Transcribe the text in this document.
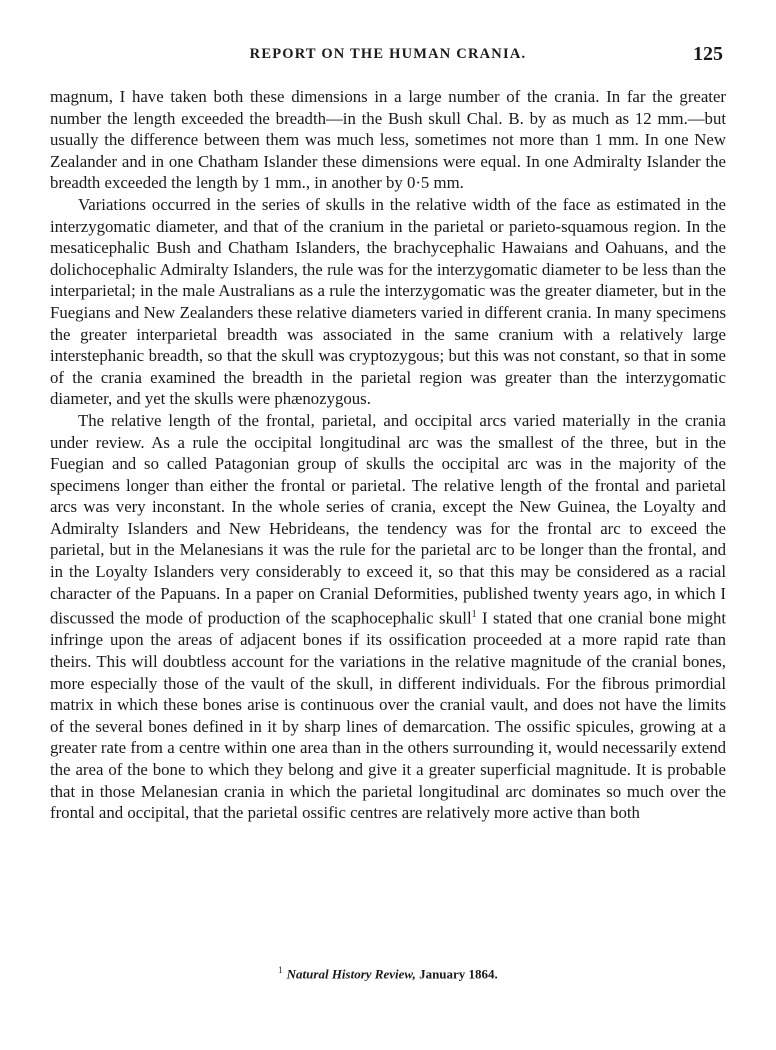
REPORT ON THE HUMAN CRANIA.	125

magnum, I have taken both these dimensions in a large number of the crania. In far the greater number the length exceeded the breadth—in the Bush skull Chal. B. by as much as 12 mm.—but usually the difference between them was much less, sometimes not more than 1 mm. In one New Zealander and in one Chatham Islander these dimensions were equal. In one Admiralty Islander the breadth exceeded the length by 1 mm., in another by 0·5 mm.

Variations occurred in the series of skulls in the relative width of the face as estimated in the interzygomatic diameter, and that of the cranium in the parietal or parieto-squamous region. In the mesaticephalic Bush and Chatham Islanders, the brachycephalic Hawaians and Oahuans, and the dolichocephalic Admiralty Islanders, the rule was for the interzygomatic diameter to be less than the interparietal; in the male Australians as a rule the interzygomatic was the greater diameter, but in the Fuegians and New Zealanders these relative diameters varied in different crania. In many specimens the greater interparietal breadth was associated in the same cranium with a relatively large interstephanic breadth, so that the skull was cryptozygous; but this was not constant, so that in some of the crania examined the breadth in the parietal region was greater than the interzygomatic diameter, and yet the skulls were phænozygous.

The relative length of the frontal, parietal, and occipital arcs varied materially in the crania under review. As a rule the occipital longitudinal arc was the smallest of the three, but in the Fuegian and so called Patagonian group of skulls the occipital arc was in the majority of the specimens longer than either the frontal or parietal. The relative length of the frontal and parietal arcs was very inconstant. In the whole series of crania, except the New Guinea, the Loyalty and Admiralty Islanders and New Hebrideans, the tendency was for the frontal arc to exceed the parietal, but in the Melanesians it was the rule for the parietal arc to be longer than the frontal, and in the Loyalty Islanders very considerably to exceed it, so that this may be considered as a racial character of the Papuans. In a paper on Cranial Deformities, published twenty years ago, in which I discussed the mode of production of the scaphocephalic skull$^1$ I stated that one cranial bone might infringe upon the areas of adjacent bones if its ossification proceeded at a more rapid rate than theirs. This will doubtless account for the variations in the relative magnitude of the cranial bones, more especially those of the vault of the skull, in different individuals. For the fibrous primordial matrix in which these bones arise is continuous over the cranial vault, and does not have the limits of the several bones defined in it by sharp lines of demarcation. The ossific spicules, growing at a greater rate from a centre within one area than in the others surrounding it, would necessarily extend the area of the bone to which they belong and give it a greater superficial magnitude. It is probable that in those Melanesian crania in which the parietal longitudinal arc dominates so much over the frontal and occipital, that the parietal ossific centres are relatively more active than both

$^1$ Natural History Review, January 1864.
